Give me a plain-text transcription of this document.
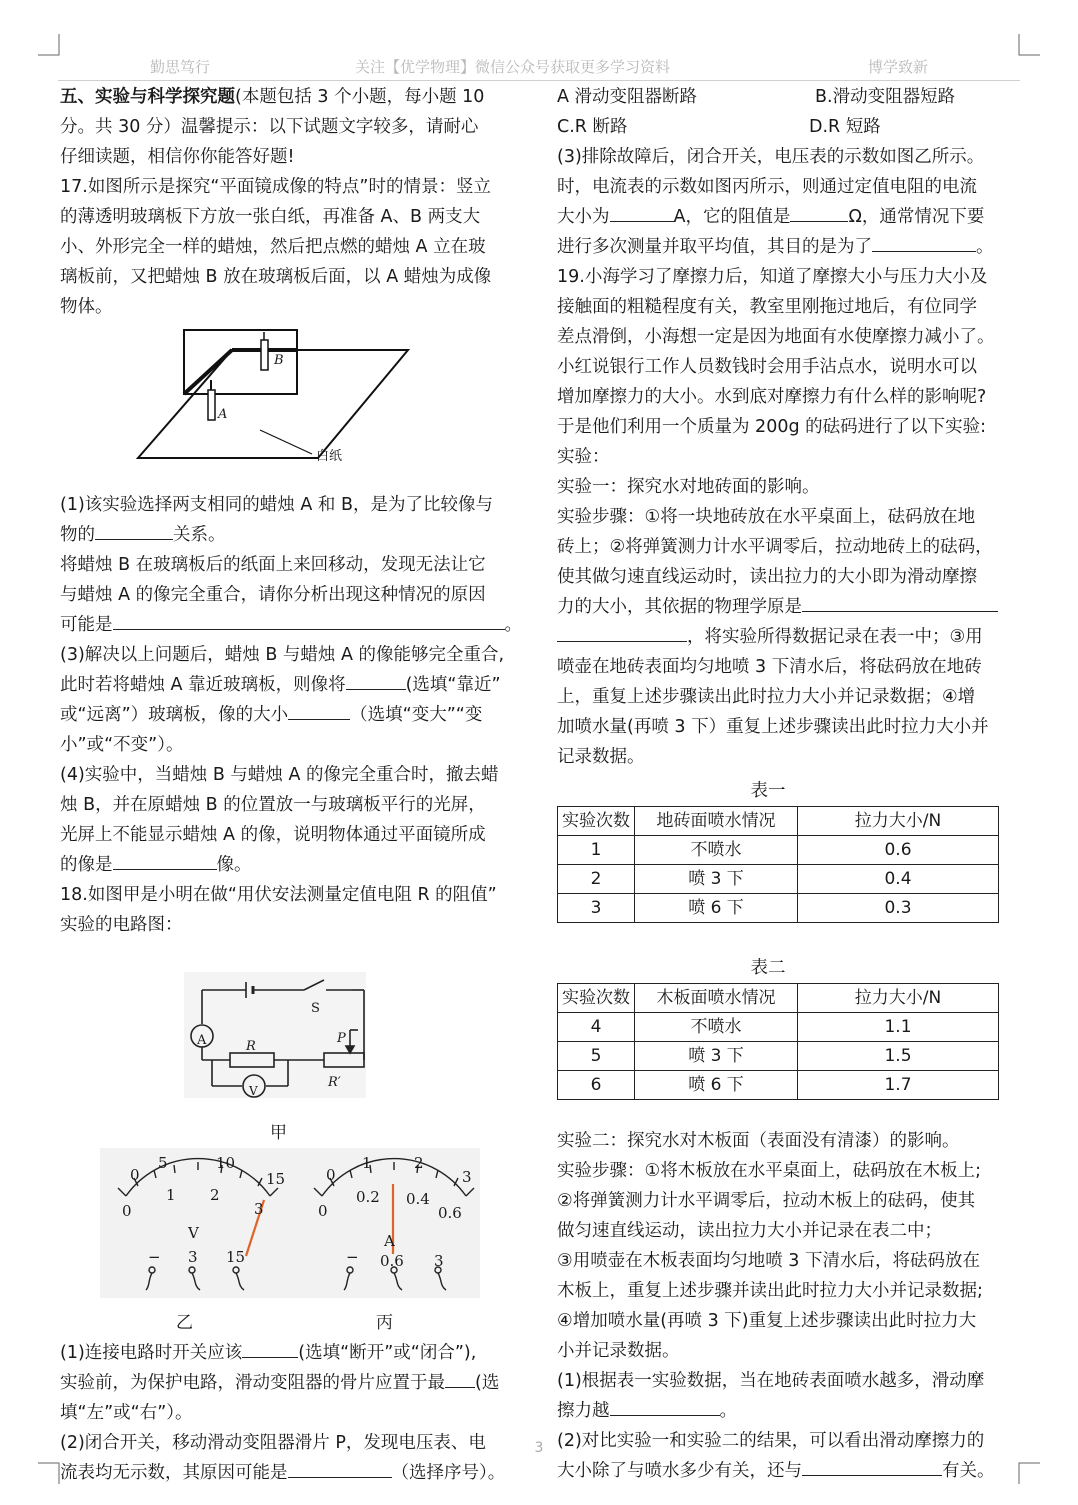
勤思笃行	关注【优学物理】微信公众号获取更多学习资料	博学致新

五、实验与科学探究题(本题包括 3 个小题，每小题 10

分。共 30 分）温馨提示：以下试题文字较多，请耐心

仔细读题，相信你你能答好题!

17.如图所示是探究“平面镜成像的特点”时的情景：竖立

的薄透明玻璃板下方放一张白纸，再准备 A、B 两支大

小、外形完全一样的蜡烛，然后把点燃的蜡烛 A 立在玻

璃板前，又把蜡烛 B 放在玻璃板后面，以 A 蜡烛为成像

物体。

B
A
白纸

(1)该实验选择两支相同的蜡烛 A 和 B，是为了比较像与

物的	关系。

将蜡烛 B 在玻璃板后的纸面上来回移动，发现无法让它

与蜡烛 A 的像完全重合，请你分析出现这种情况的原因

可能是	。

(3)解决以上问题后，蜡烛 B 与蜡烛 A 的像能够完全重合,

此时若将蜡烛 A 靠近玻璃板，则像将	(选填“靠近”

或“远离”）玻璃板，像的大小	（选填“变大”“变

小”或“不变”）。

(4)实验中，当蜡烛 B 与蜡烛 A 的像完全重合时，撤去蜡

烛 B，并在原蜡烛 B 的位置放一与玻璃板平行的光屏，

光屏上不能显示蜡烛 A 的像，说明物体通过平面镜所成

的像是	像。

18.如图甲是小明在做“用伏安法测量定值电阻 R 的阻值”

实验的电路图：

A
S
R
P
V
R′
甲
0
5	10
15
0
1 2
3
V
− 3 15
0
1	2
3
0
0.2 0.4
0.6
A
− 0.6 3
乙	丙

(1)连接电路时开关应该	(选填“断开”或“闭合”),

实验前，为保护电路，滑动变阻器的骨片应置于最 (选

填“左”或“右”）。

(2)闭合开关，移动滑动变阻器滑片 P，发现电压表、电

流表均无示数，其原因可能是	（选择序号）。

A 滑动变阻器断路	B.滑动变阻器短路

C.R 断路	D.R 短路

(3)排除故障后，闭合开关，电压表的示数如图乙所示。

时，电流表的示数如图丙所示，则通过定值电阻的电流

大小为	A，它的阻值是	Ω，通常情况下要

进行多次测量并取平均值，其目的是为了	。

19.小海学习了摩擦力后，知道了摩擦大小与压力大小及

接触面的粗糙程度有关，教室里刚拖过地后，有位同学

差点滑倒，小海想一定是因为地面有水使摩擦力减小了。

小红说银行工作人员数钱时会用手沾点水，说明水可以

增加摩擦力的大小。水到底对摩擦力有什么样的影响呢?

于是他们利用一个质量为 200g 的砝码进行了以下实验:

实验：

实验一：探究水对地砖面的影响。

实验步骤：①将一块地砖放在水平桌面上，砝码放在地

砖上；②将弹簧测力计水平调零后，拉动地砖上的砝码，

使其做匀速直线运动时，读出拉力的大小即为滑动摩擦

力的大小，其依据的物理学原是

，将实验所得数据记录在表一中；③用

喷壶在地砖表面均匀地喷 3 下清水后，将砝码放在地砖

上，重复上述步骤读出此时拉力大小并记录数据；④增

加喷水量(再喷 3 下）重复上述步骤读出此时拉力大小并

记录数据。

表一
实验次数	地砖面喷水情况	拉力大小/N
1	不喷水	0.6
2	喷 3 下	0.4
3	喷 6 下	0.3
表二
实验次数	木板面喷水情况	拉力大小/N
4	不喷水	1.1
5	喷 3 下	1.5
6	喷 6 下	1.7

实验二：探究水对木板面（表面没有清漆）的影响。

实验步骤：①将木板放在水平桌面上，砝码放在木板上;

②将弹簧测力计水平调零后，拉动木板上的砝码，使其

做匀速直线运动，读出拉力大小并记录在表二中；

③用喷壶在木板表面均匀地喷 3 下清水后，将砝码放在

木板上，重复上述步骤并读出此时拉力大小并记录数据;

④增加喷水量(再喷 3 下)重复上述步骤读出此时拉力大

小并记录数据。

(1)根据表一实验数据，当在地砖表面喷水越多，滑动摩

擦力越	。

(2)对比实验一和实验二的结果，可以看出滑动摩擦力的

大小除了与喷水多少有关，还与	有关。

3
